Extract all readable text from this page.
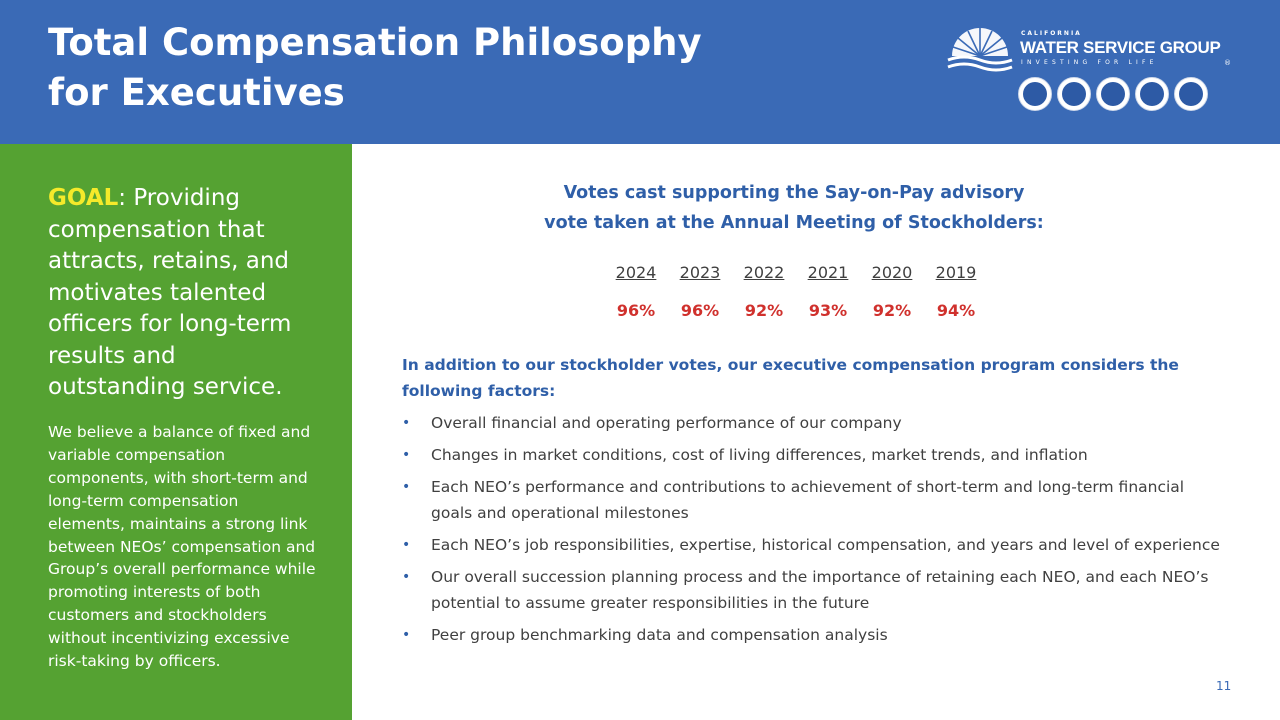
Total Compensation Philosophy
for Executives
CALIFORNIA
WATER SERVICE GROUP
INVESTING FOR LIFE	®

GOAL: Providing compensation that attracts, retains, and motivates talented officers for long-term results and outstanding service.

We believe a balance of fixed and variable compensation components, with short-term and long-term compensation elements, maintains a strong link between NEOs’ compensation and Group’s overall performance while promoting interests of both customers and stockholders without incentivizing excessive risk-taking by officers.

Votes cast supporting the Say-on-Pay advisory
vote taken at the Annual Meeting of Stockholders:
2024	2023	2022	2021	2020	2019
96%	96%	92%	93%	92%	94%

In addition to our stockholder votes, our executive compensation program considers the following factors:

• Overall financial and operating performance of our company
• Changes in market conditions, cost of living differences, market trends, and inflation
• Each NEO’s performance and contributions to achievement of short-term and long-term financial goals and operational milestones
• Each NEO’s job responsibilities, expertise, historical compensation, and years and level of experience
• Our overall succession planning process and the importance of retaining each NEO, and each NEO’s potential to assume greater responsibilities in the future
• Peer group benchmarking data and compensation analysis
11
